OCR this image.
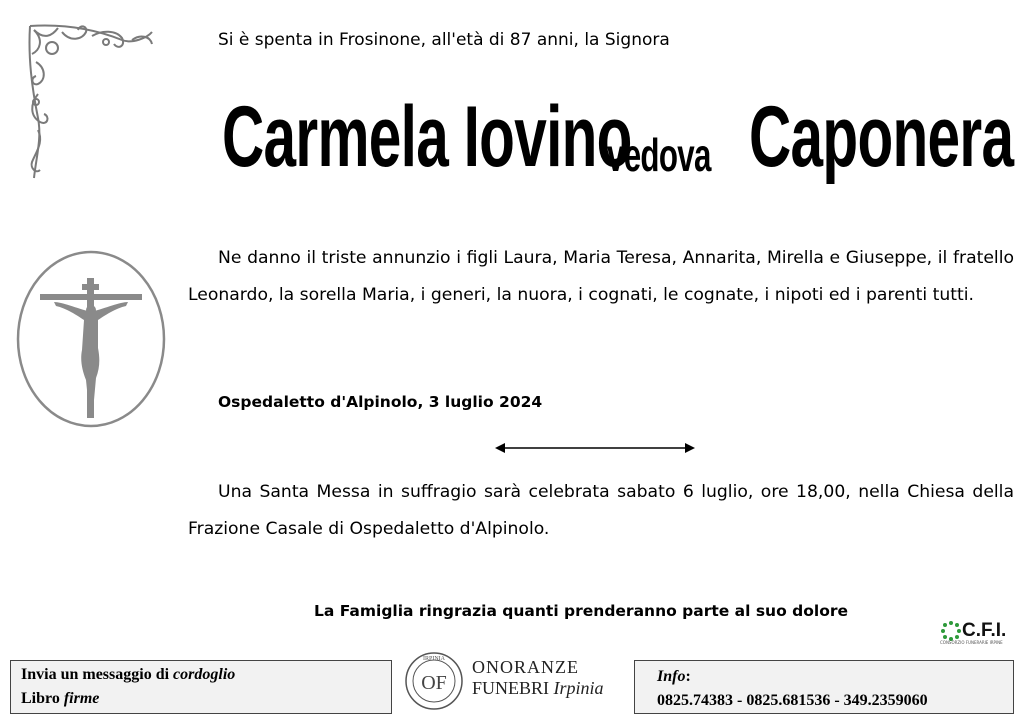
Si è spenta in Frosinone, all'età di 87 anni, la Signora
Carmela Iovino
vedova Caponera
Ne danno il triste annunzio i figli Laura, Maria Teresa, Annarita, Mirella e Giuseppe, il fratello Leonardo, la sorella Maria, i generi, la nuora, i cognati, le cognate, i nipoti ed i parenti tutti.
Ospedaletto d'Alpinolo, 3 luglio 2024
Una Santa Messa in suffragio sarà celebrata sabato 6 luglio, ore 18,00, nella Chiesa della Frazione Casale di Ospedaletto d'Alpinolo.
La Famiglia ringrazia quanti prenderanno parte al suo dolore
C.F.I.
CONSORZIO FUNERARIE IRPINE
Invia un messaggio di cordoglio
Libro firme
IRPINIA
OF
ONORANZE
FUNEBRI Irpinia
Info:
0825.74383 - 0825.681536 - 349.2359060
